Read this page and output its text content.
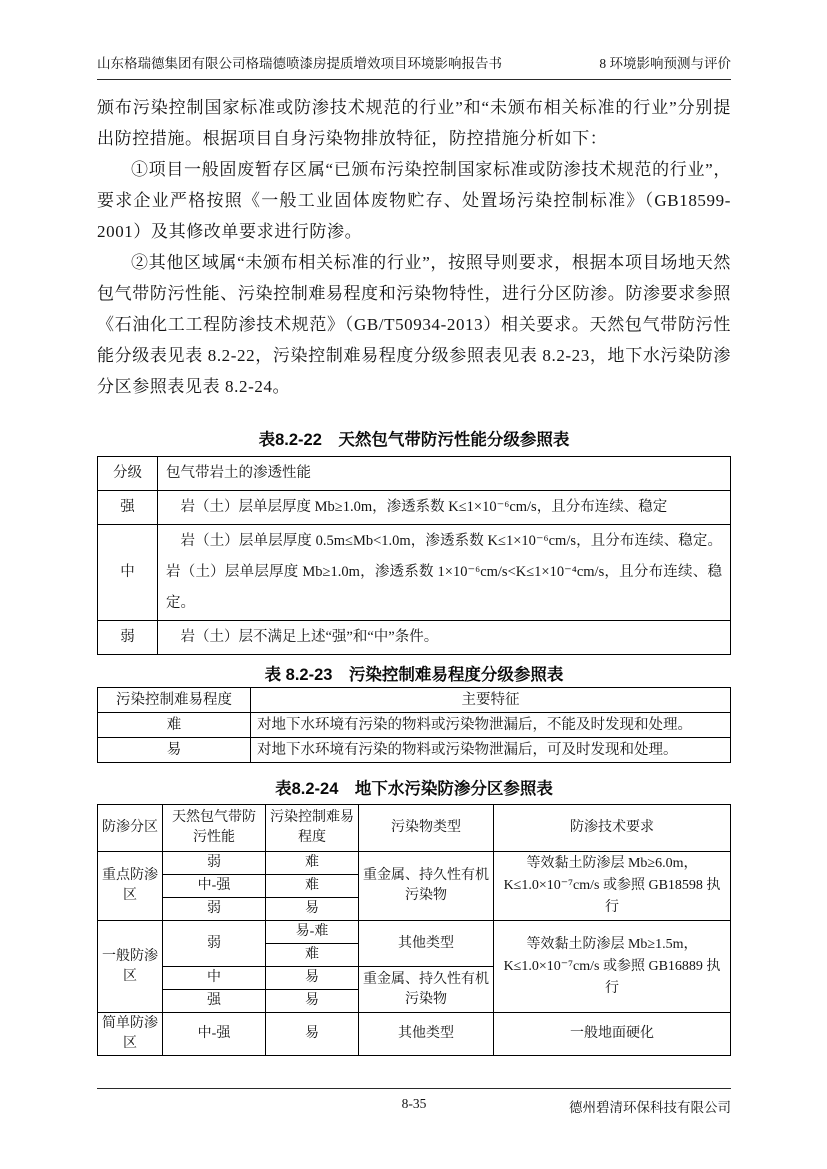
山东格瑞德集团有限公司格瑞德喷漆房提质增效项目环境影响报告书	8 环境影响预测与评价

颁布污染控制国家标准或防渗技术规范的行业”和“未颁布相关标准的行业”分别提出防控措施。根据项目自身污染物排放特征，防控措施分析如下：

①项目一般固废暂存区属“已颁布污染控制国家标准或防渗技术规范的行业”，要求企业严格按照《一般工业固体废物贮存、处置场污染控制标准》（GB18599-2001）及其修改单要求进行防渗。

②其他区域属“未颁布相关标准的行业”，按照导则要求，根据本项目场地天然包气带防污性能、污染控制难易程度和污染物特性，进行分区防渗。防渗要求参照《石油化工工程防渗技术规范》（GB/T50934-2013）相关要求。天然包气带防污性能分级表见表 8.2-22，污染控制难易程度分级参照表见表 8.2-23，地下水污染防渗分区参照表见表 8.2-24。

表8.2-22　天然包气带防污性能分级参照表
分级	包气带岩土的渗透性能
强	岩（土）层单层厚度 Mb≥1.0m，渗透系数 K≤1×10⁻⁶cm/s，且分布连续、稳定
中	岩（土）层单层厚度 0.5m≤Mb<1.0m，渗透系数 K≤1×10⁻⁶cm/s，且分布连续、稳定。岩（土）层单层厚度 Mb≥1.0m，渗透系数 1×10⁻⁶cm/s<K≤1×10⁻⁴cm/s，且分布连续、稳定。
弱	岩（土）层不满足上述“强”和“中”条件。
表 8.2-23　污染控制难易程度分级参照表
污染控制难易程度	主要特征
难	对地下水环境有污染的物料或污染物泄漏后，不能及时发现和处理。
易	对地下水环境有污染的物料或污染物泄漏后，可及时发现和处理。
表8.2-24　地下水污染防渗分区参照表
防渗分区	天然包气带防污性能	污染控制难易程度	污染物类型	防渗技术要求
重点防渗区	弱	难	重金属、持久性有机污染物	等效黏土防渗层 Mb≥6.0m，
K≤1.0×10⁻⁷cm/s 或参照 GB18598 执行

	中-强	难		
	弱	易		
一般防渗区	弱	易-难	其他类型	等效黏土防渗层 Mb≥1.5m，
K≤1.0×10⁻⁷cm/s 或参照 GB16889 执行

		难		
	中	易	重金属、持久性有机污染物	
	强	易		
简单防渗区	中-强	易	其他类型	一般地面硬化
8-35	德州碧清环保科技有限公司
